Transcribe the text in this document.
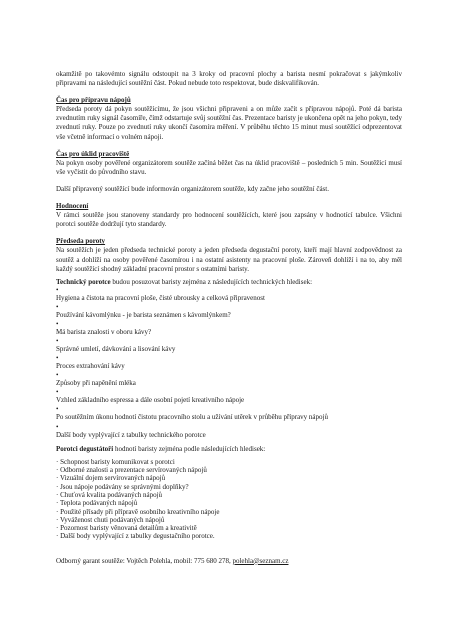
okamžitě po takovémto signálu odstoupit na 3 kroky od pracovní plochy a barista nesmí pokračovat s jakýmkoliv připravami na následující soutěžní část. Pokud nebude toto respektovat, bude diskvalifikován.

Čas pro přípravu nápojů

Předseda poroty dá pokyn soutěžícímu, že jsou všichni připraveni a on může začít s přípravou nápojů. Poté dá barista zvednutím ruky signál časomíře, čímž odstartuje svůj soutěžní čas. Prezentace baristy je ukončena opět na jeho pokyn, tedy zvednutí ruky. Pouze po zvednutí ruky ukončí časomíra měření. V průběhu těchto 15 minut musí soutěžící odprezentovat vše včetně informací o volném nápoji.

Čas pro úklid pracoviště

Na pokyn osoby pověřené organizátorem soutěže začíná běžet čas na úklid pracoviště – posledních 5 min. Soutěžící musí vše vyčistit do původního stavu.

Další připravený soutěžící bude informován organizátorem soutěže, kdy začne jeho soutěžní část.

Hodnocení

V rámci soutěže jsou stanoveny standardy pro hodnocení soutěžících, které jsou zapsány v hodnotící tabulce. Všichni porotci soutěže dodržují tyto standardy.

Předseda poroty

Na soutěžích je jeden předseda technické poroty a jeden předseda degustační poroty, kteří mají hlavní zodpovědnost za soutěž a dohlíží na osoby pověřené časomírou i na ostatní asistenty na pracovní ploše. Zároveň dohlíží i na to, aby měl každý soutěžící shodný základní pracovní prostor s ostatními baristy.

Technický porotce budou posuzovat baristy zejména z následujících technických hledisek:

•

Hygiena a čistota na pracovní ploše, čisté ubrousky a celková připravenost

•

Používání kávomlýnku - je barista seznámen s kávomlýnkem?

•

Má barista znalosti v oboru kávy?

•

Správné umletí, dávkování a lisování kávy

•

Proces extrahování kávy

•

Způsoby při napěnění mléka

•

Vzhled základního espressa a dále osobní pojetí kreativního nápoje

•

Po soutěžním úkonu hodnotí čistotu pracovního stolu a užívání utěrek v průběhu přípravy nápojů

•

Další body vyplývající z tabulky technického porotce

Porotci degustátoři hodnotí baristy zejména podle následujících hledisek:

· Schopnost baristy komunikovat s porotci

· Odborné znalosti a prezentace servírovaných nápojů

· Vizuální dojem servírovaných nápojů

· Jsou nápoje podávány se správnými doplňky?

· Chuťová kvalita podávaných nápojů

· Teplota podávaných nápojů

· Použité přísady při přípravě osobního kreativního nápoje

· Vyváženost chuti podávaných nápojů

· Pozornost baristy věnovaná detailům a kreativitě

· Další body vyplývající z tabulky degustačního porotce.

Odborný garant soutěže: Vojtěch Polehla, mobil: 775 680 278, polehla@seznam.cz
